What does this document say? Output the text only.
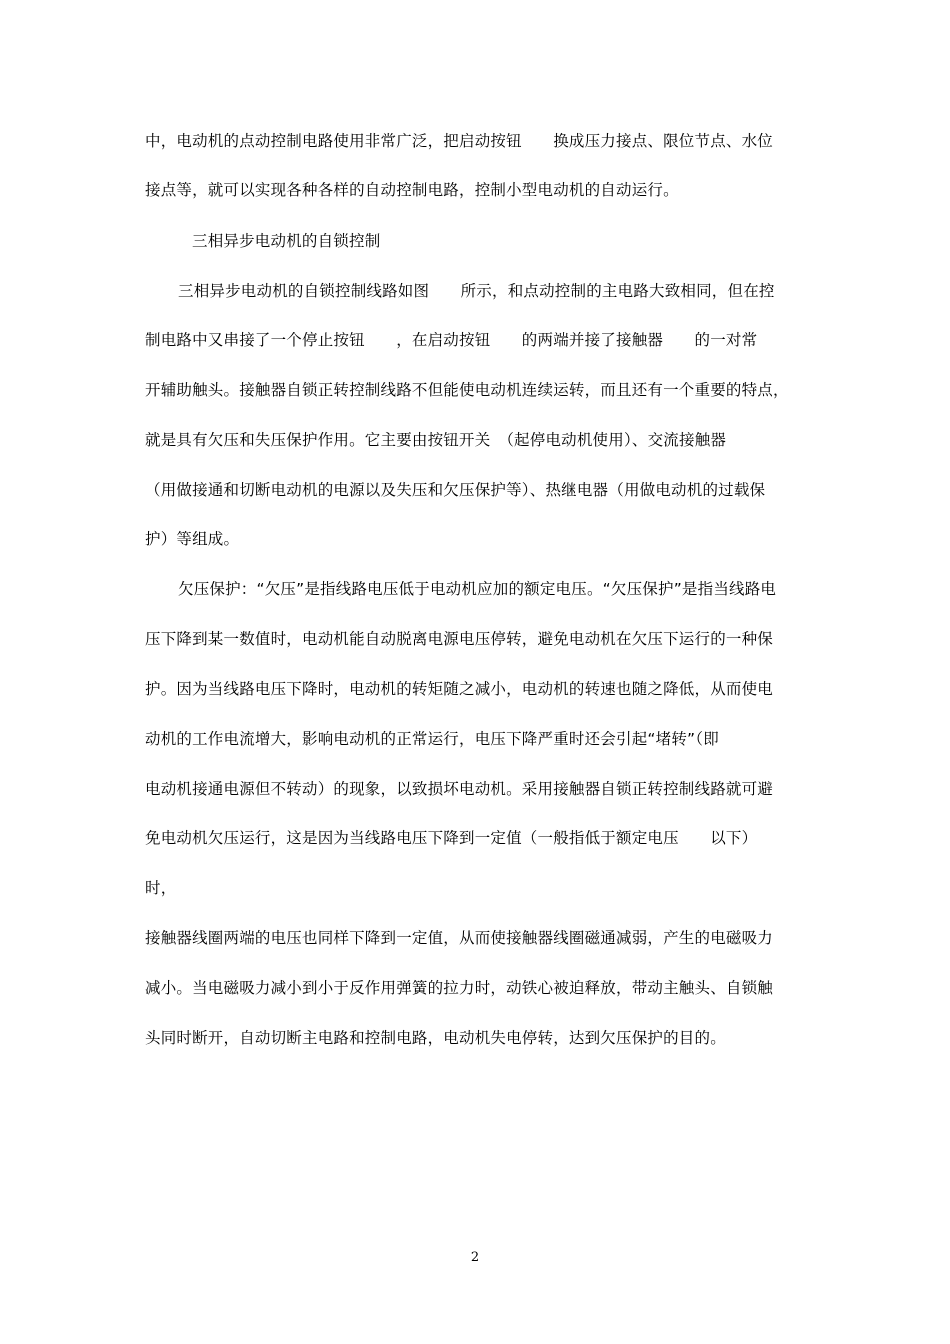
中，电动机的点动控制电路使用非常广泛，把启动按钮　　换成压力接点、限位节点、水位
接点等，就可以实现各种各样的自动控制电路，控制小型电动机的自动运行。
三相异步电动机的自锁控制
三相异步电动机的自锁控制线路如图　　所示，和点动控制的主电路大致相同，但在控
制电路中又串接了一个停止按钮　　，在启动按钮　　的两端并接了接触器　　的一对常
开辅助触头。接触器自锁正转控制线路不但能使电动机连续运转，而且还有一个重要的特点，
就是具有欠压和失压保护作用。它主要由按钮开关　（起停电动机使用）、交流接触器
（用做接通和切断电动机的电源以及失压和欠压保护等）、热继电器（用做电动机的过载保
护）等组成。
欠压保护：“欠压”是指线路电压低于电动机应加的额定电压。“欠压保护”是指当线路电
压下降到某一数值时，电动机能自动脱离电源电压停转，避免电动机在欠压下运行的一种保
护。因为当线路电压下降时，电动机的转矩随之减小，电动机的转速也随之降低，从而使电
动机的工作电流增大，影响电动机的正常运行，电压下降严重时还会引起“堵转”（即
电动机接通电源但不转动）的现象，以致损坏电动机。采用接触器自锁正转控制线路就可避
免电动机欠压运行，这是因为当线路电压下降到一定值（一般指低于额定电压　　以下）
时，
接触器线圈两端的电压也同样下降到一定值，从而使接触器线圈磁通减弱，产生的电磁吸力
减小。当电磁吸力减小到小于反作用弹簧的拉力时，动铁心被迫释放，带动主触头、自锁触
头同时断开，自动切断主电路和控制电路，电动机失电停转，达到欠压保护的目的。
2
